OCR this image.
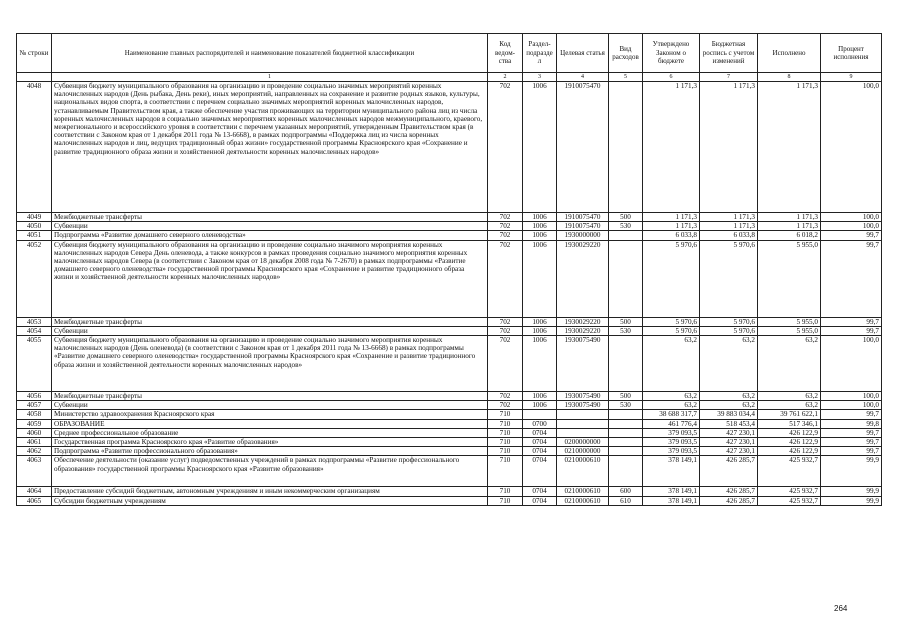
№ строки	Наименование главных распорядителей и наименование показателей бюджетной классификации	Код ведом-ства	Раздел-подраздел	Целевая статья	Вид расходов	Утверждено Законом о бюджете	Бюджетная роспись с учетом изменений	Исполнено	Процент исполнения
	1	2	3	4	5	6	7	8	9
4048	Субвенция бюджету муниципального образования на организацию и проведение социально значимых мероприятий коренных малочисленных народов (День рыбака, День реки), иных мероприятий, направленных на сохранение и развитие родных языков, культуры, национальных видов спорта, в соответствии с перечнем социально значимых мероприятий коренных малочисленных народов, устанавливаемым Правительством края, а также обеспечение участия проживающих на территории муниципального района лиц из числа коренных малочисленных народов в социально значимых мероприятиях коренных малочисленных народов межмуниципального, краевого, межрегионального и всероссийского уровня в соответствии с перечнем указанных мероприятий, утвержденным Правительством края (в соответствии с Законом края от 1 декабря 2011 года № 13-6668), в рамках подпрограммы «Поддержка лиц из числа коренных малочисленных народов и лиц, ведущих традиционный образ жизни» государственной программы Красноярского края «Сохранение и развитие традиционного образа жизни и хозяйственной деятельности коренных малочисленных народов»	702	1006	1910075470		1 171,3	1 171,3	1 171,3	100,0
4049	Межбюджетные трансферты	702	1006	1910075470	500	1 171,3	1 171,3	1 171,3	100,0
4050	Субвенции	702	1006	1910075470	530	1 171,3	1 171,3	1 171,3	100,0
4051	Подпрограмма «Развитие домашнего северного оленеводства»	702	1006	1930000000		6 033,8	6 033,8	6 018,2	99,7
4052	Субвенция бюджету муниципального образования на организацию и проведение социально значимого мероприятия коренных малочисленных народов Севера День оленевода, а также конкурсов в рамках проведения социально значимого мероприятия коренных малочисленных народов Севера (в соответствии с Законом края от 18 декабря 2008 года № 7-2670) в рамках подпрограммы «Развитие домашнего северного оленеводства» государственной программы Красноярского края «Сохранение и развитие традиционного образа жизни и хозяйственной деятельности коренных малочисленных народов»	702	1006	1930029220		5 970,6	5 970,6	5 955,0	99,7
4053	Межбюджетные трансферты	702	1006	1930029220	500	5 970,6	5 970,6	5 955,0	99,7
4054	Субвенции	702	1006	1930029220	530	5 970,6	5 970,6	5 955,0	99,7
4055	Субвенция бюджету муниципального образования на организацию и проведение социально значимого мероприятия коренных малочисленных народов (День оленевода) (в соответствии с Законом края от 1 декабря 2011 года № 13-6668) в рамках подпрограммы «Развитие домашнего северного оленеводства» государственной программы Красноярского края «Сохранение и развитие традиционного образа жизни и хозяйственной деятельности коренных малочисленных народов»	702	1006	1930075490		63,2	63,2	63,2	100,0
4056	Межбюджетные трансферты	702	1006	1930075490	500	63,2	63,2	63,2	100,0
4057	Субвенции	702	1006	1930075490	530	63,2	63,2	63,2	100,0
4058	Министерство здравоохранения Красноярского края	710				38 688 317,7	39 883 034,4	39 761 622,1	99,7
4059	ОБРАЗОВАНИЕ	710	0700			461 776,4	518 453,4	517 346,1	99,8
4060	Среднее профессиональное образование	710	0704			379 093,5	427 230,1	426 122,9	99,7
4061	Государственная программа Красноярского края «Развитие образования»	710	0704	0200000000		379 093,5	427 230,1	426 122,9	99,7
4062	Подпрограмма «Развитие профессионального образования»	710	0704	0210000000		379 093,5	427 230,1	426 122,9	99,7
4063	Обеспечение деятельности (оказание услуг) подведомственных учреждений в рамках подпрограммы «Развитие профессионального образования» государственной программы Красноярского края «Развитие образования»	710	0704	0210000610		378 149,1	426 285,7	425 932,7	99,9
4064	Предоставление субсидий бюджетным, автономным учреждениям и иным некоммерческим организациям	710	0704	0210000610	600	378 149,1	426 285,7	425 932,7	99,9
4065	Субсидии бюджетным учреждениям	710	0704	0210000610	610	378 149,1	426 285,7	425 932,7	99,9
264
